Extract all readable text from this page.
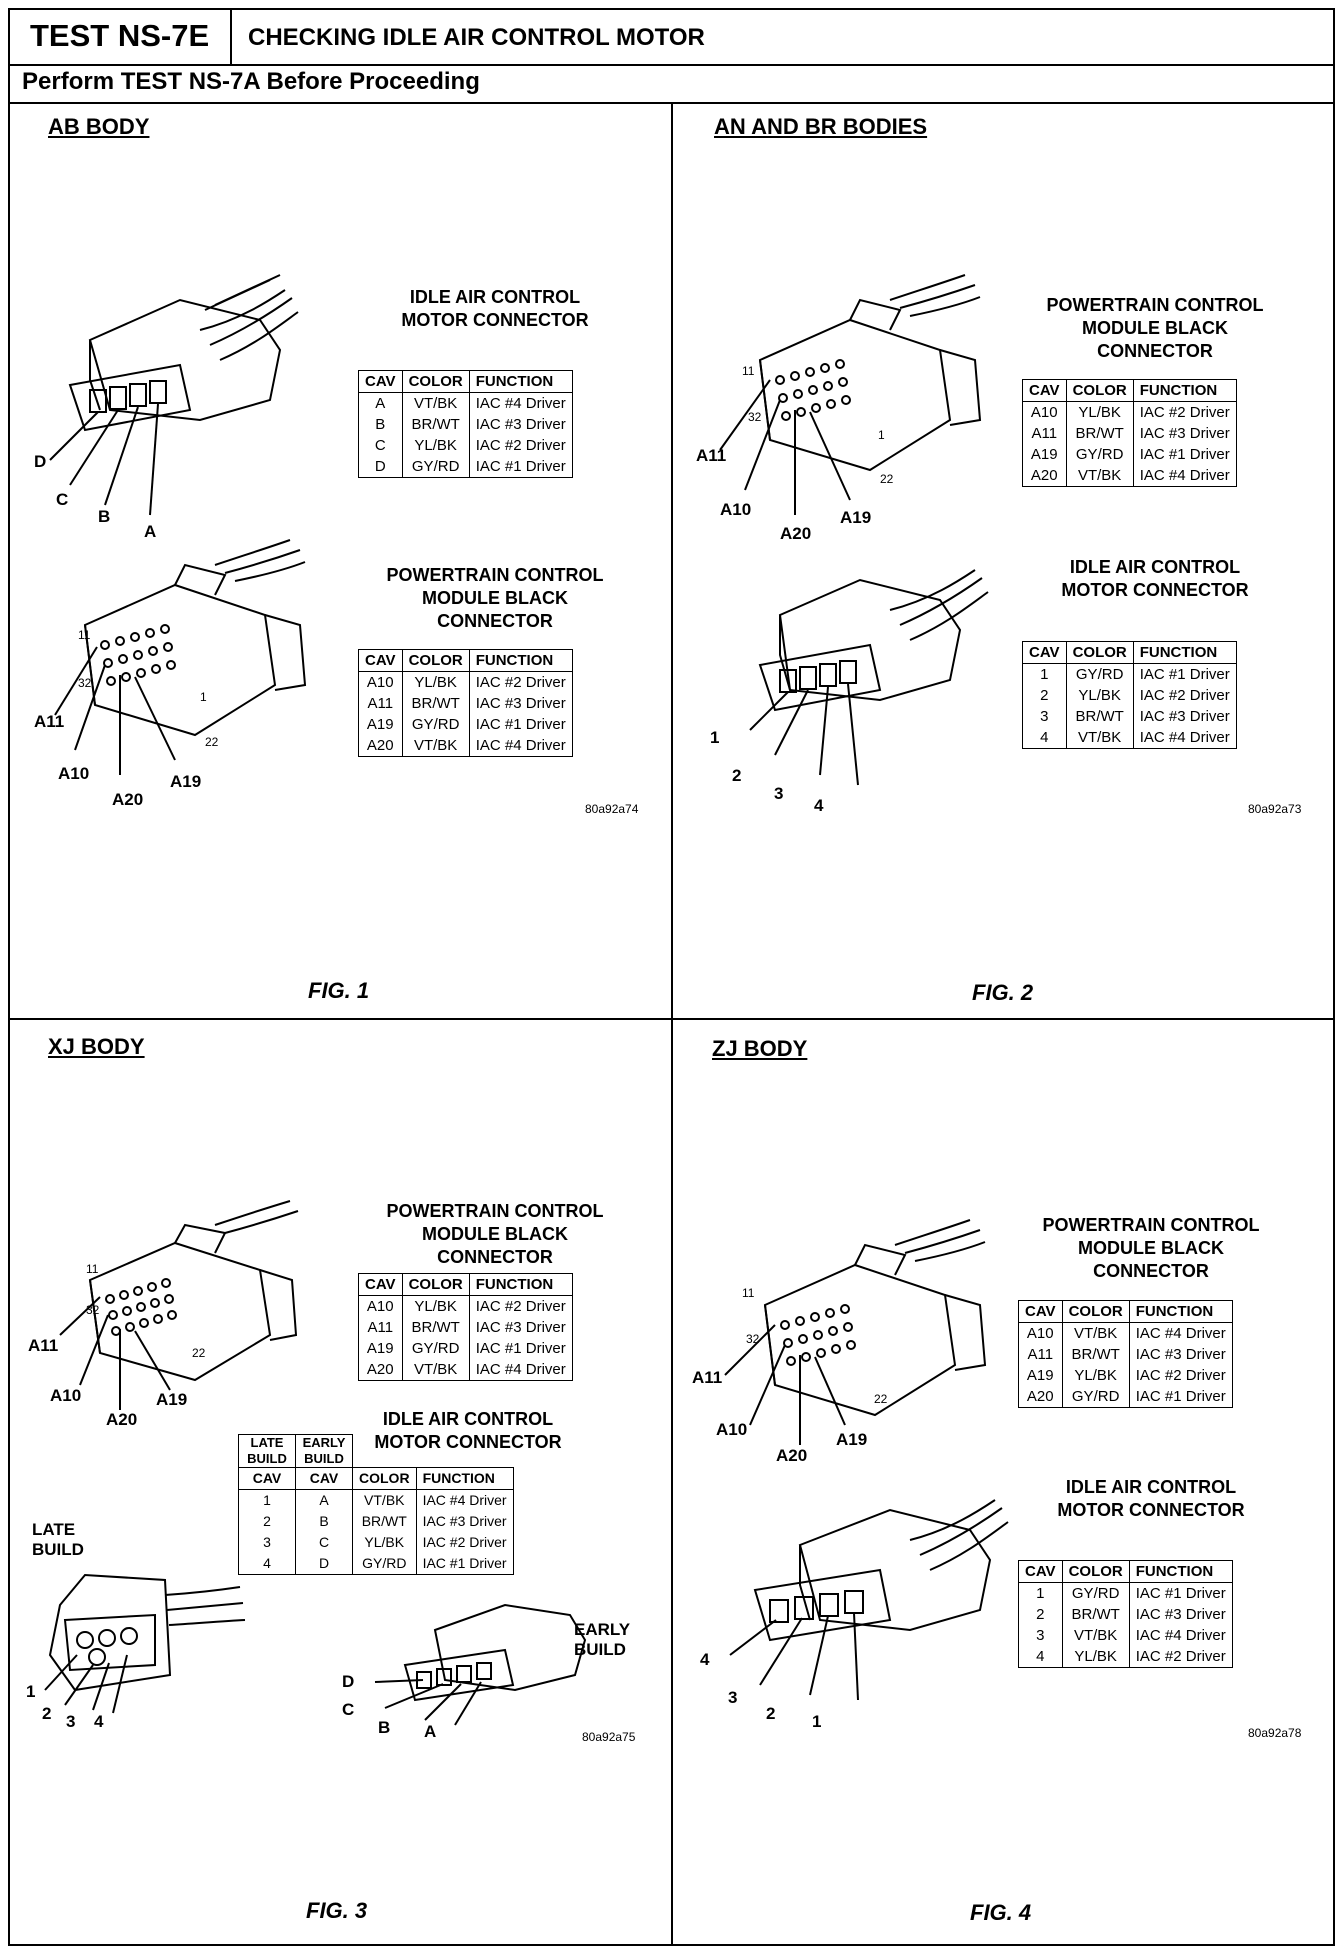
TEST NS-7E	CHECKING IDLE AIR CONTROL MOTOR
Perform TEST NS-7A Before Proceeding
AB BODY
D
C
B
A
IDLE AIR CONTROL MOTOR CONNECTOR
CAV	COLOR	FUNCTION
A	VT/BK	IAC #4 Driver
B	BR/WT	IAC #3 Driver
C	YL/BK	IAC #2 Driver
D	GY/RD	IAC #1 Driver
11
32
A11
A10
A20
A19
1
22
POWERTRAIN CONTROL MODULE BLACK CONNECTOR
CAV	COLOR	FUNCTION
A10	YL/BK	IAC #2 Driver
A11	BR/WT	IAC #3 Driver
A19	GY/RD	IAC #1 Driver
A20	VT/BK	IAC #4 Driver
80a92a74
FIG. 1
AN AND BR BODIES
11
32
A11
A10
A20
A19
1
22
POWERTRAIN CONTROL MODULE BLACK CONNECTOR
CAV	COLOR	FUNCTION
A10	YL/BK	IAC #2 Driver
A11	BR/WT	IAC #3 Driver
A19	GY/RD	IAC #1 Driver
A20	VT/BK	IAC #4 Driver
1
2
3
4
IDLE AIR CONTROL MOTOR CONNECTOR
CAV	COLOR	FUNCTION
1	GY/RD	IAC #1 Driver
2	YL/BK	IAC #2 Driver
3	BR/WT	IAC #3 Driver
4	VT/BK	IAC #4 Driver
80a92a73
FIG. 2
XJ BODY
11
32
A11
A10
A20
A19
22
POWERTRAIN CONTROL MODULE BLACK CONNECTOR
CAV	COLOR	FUNCTION
A10	YL/BK	IAC #2 Driver
A11	BR/WT	IAC #3 Driver
A19	GY/RD	IAC #1 Driver
A20	VT/BK	IAC #4 Driver
IDLE AIR CONTROL MOTOR CONNECTOR
LATE BUILD	EARLY BUILD		
CAV	CAV	COLOR	FUNCTION
1	A	VT/BK	IAC #4 Driver
2	B	BR/WT	IAC #3 Driver
3	C	YL/BK	IAC #2 Driver
4	D	GY/RD	IAC #1 Driver
LATE BUILD
1
2 3 4
EARLY BUILD
D
C
B A	80a92a75
FIG. 3
ZJ BODY
11
32
A11
A10
A20
A19
22
POWERTRAIN CONTROL MODULE BLACK CONNECTOR
CAV	COLOR	FUNCTION
A10	VT/BK	IAC #4 Driver
A11	BR/WT	IAC #3 Driver
A19	YL/BK	IAC #2 Driver
A20	GY/RD	IAC #1 Driver
4
3
2 1
IDLE AIR CONTROL MOTOR CONNECTOR
CAV	COLOR	FUNCTION
1	GY/RD	IAC #1 Driver
2	BR/WT	IAC #3 Driver
3	VT/BK	IAC #4 Driver
4	YL/BK	IAC #2 Driver
80a92a78
FIG. 4
